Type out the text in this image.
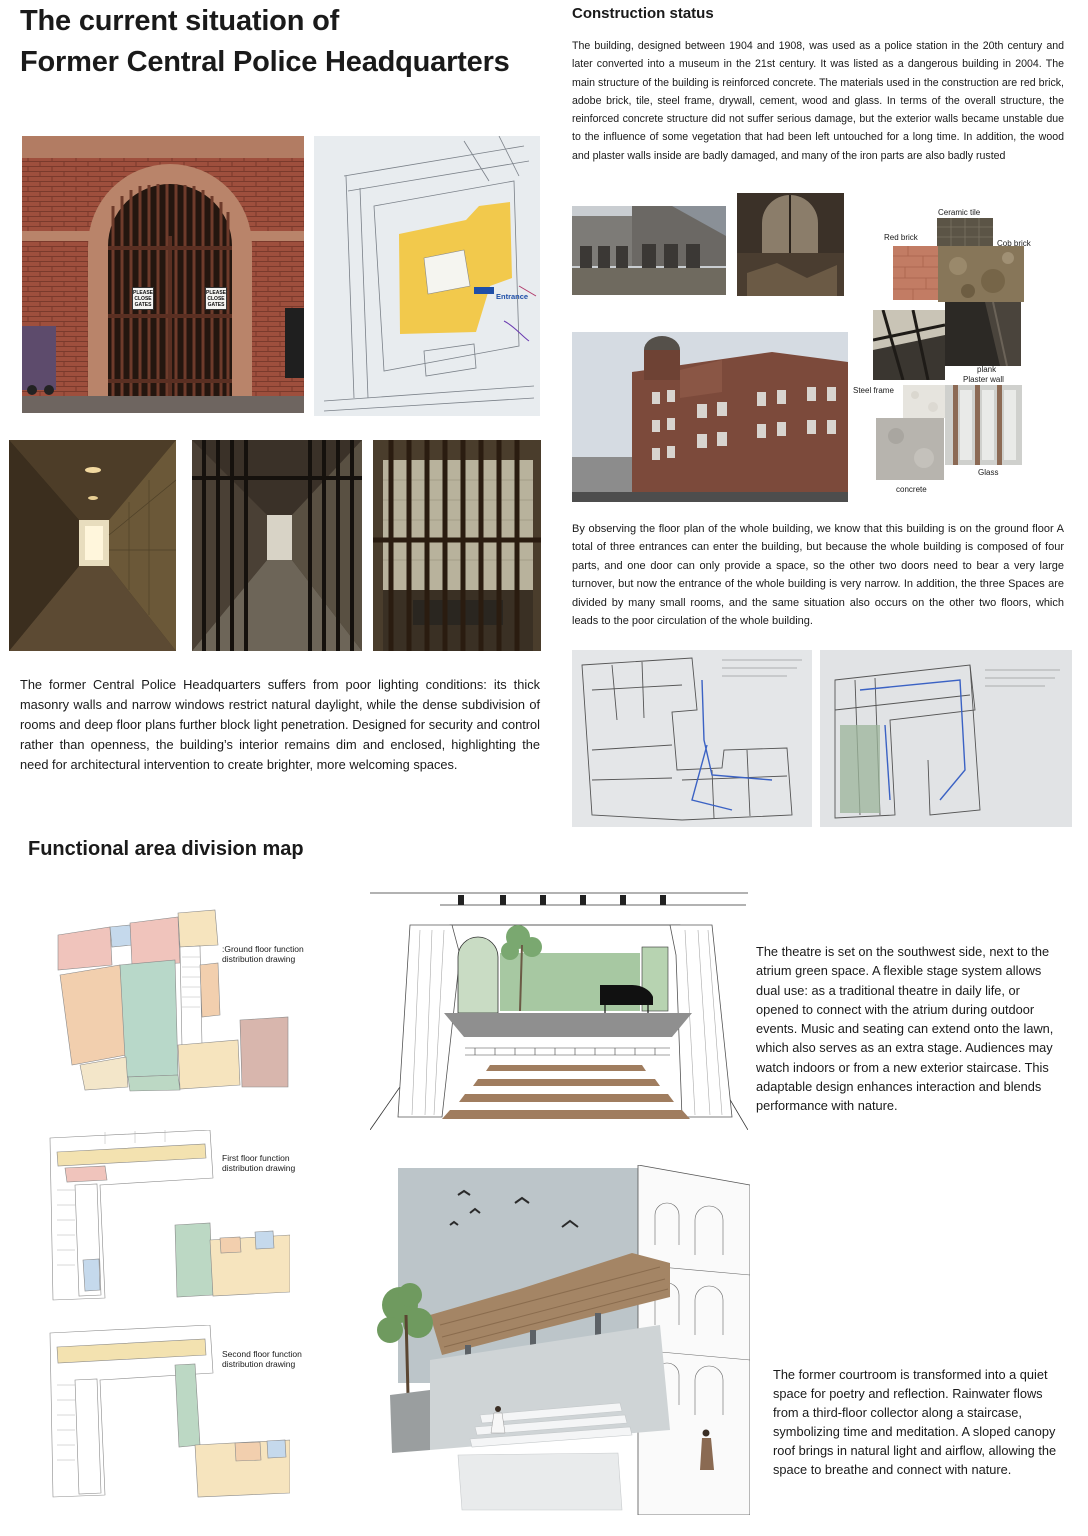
The current situation of
Former Central Police Headquarters
Construction status
The building, designed between 1904 and 1908, was used as a police station in the 20th century and later converted into a museum in the 21st century. It was listed as a dangerous building in 2004. The main structure of the building is reinforced concrete. The materials used in the construction are red brick, adobe brick, tile, steel frame, drywall, cement, wood and glass. In terms of the overall structure, the reinforced concrete structure did not suffer serious damage, but the exterior walls became unstable due to the influence of some vegetation that had been left untouched for a long time. In addition, the wood and plaster walls inside are badly damaged, and many of the iron parts are also badly rusted
PLEASE CLOSE GATES
PLEASE CLOSE GATES
Entrance
The former Central Police Headquarters suffers from poor lighting conditions: its thick masonry walls and narrow windows restrict natural daylight, while the dense subdivision of rooms and deep floor plans further block light penetration. Designed for security and control rather than openness, the building’s interior remains dim and enclosed, highlighting the need for architectural intervention to create brighter, more welcoming spaces.
Ceramic tile
Red brick
Cob brick
plank
Plaster wall
Steel frame
Glass
concrete
By observing the floor plan of the whole building, we know that this building is on the ground floor A total of three entrances can enter the building, but because the whole building is composed of four parts, and one door can only provide a space, so the other two doors need to bear a very large turnover, but now the entrance of the whole building is very narrow. In addition, the three Spaces are divided by many small rooms, and the same situation also occurs on the other two floors, which leads to the poor circulation of the whole building.
Functional area division map
:Ground floor function
distribution drawing
First floor function
distribution drawing
Second floor function
distribution drawing
The theatre is set on the southwest side, next to the atrium green space. A flexible stage system allows dual use: as a traditional theatre in daily life, or opened to connect with the atrium during outdoor events. Music and seating can extend onto the lawn, which also serves as an extra stage. Audiences may watch indoors or from a new exterior staircase. This adaptable design enhances interaction and blends performance with nature.
The former courtroom is transformed into a quiet space for poetry and reflection. Rainwater flows from a third-floor collector along a staircase, symbolizing time and meditation. A sloped canopy roof brings in natural light and airflow, allowing the space to breathe and connect with nature.
